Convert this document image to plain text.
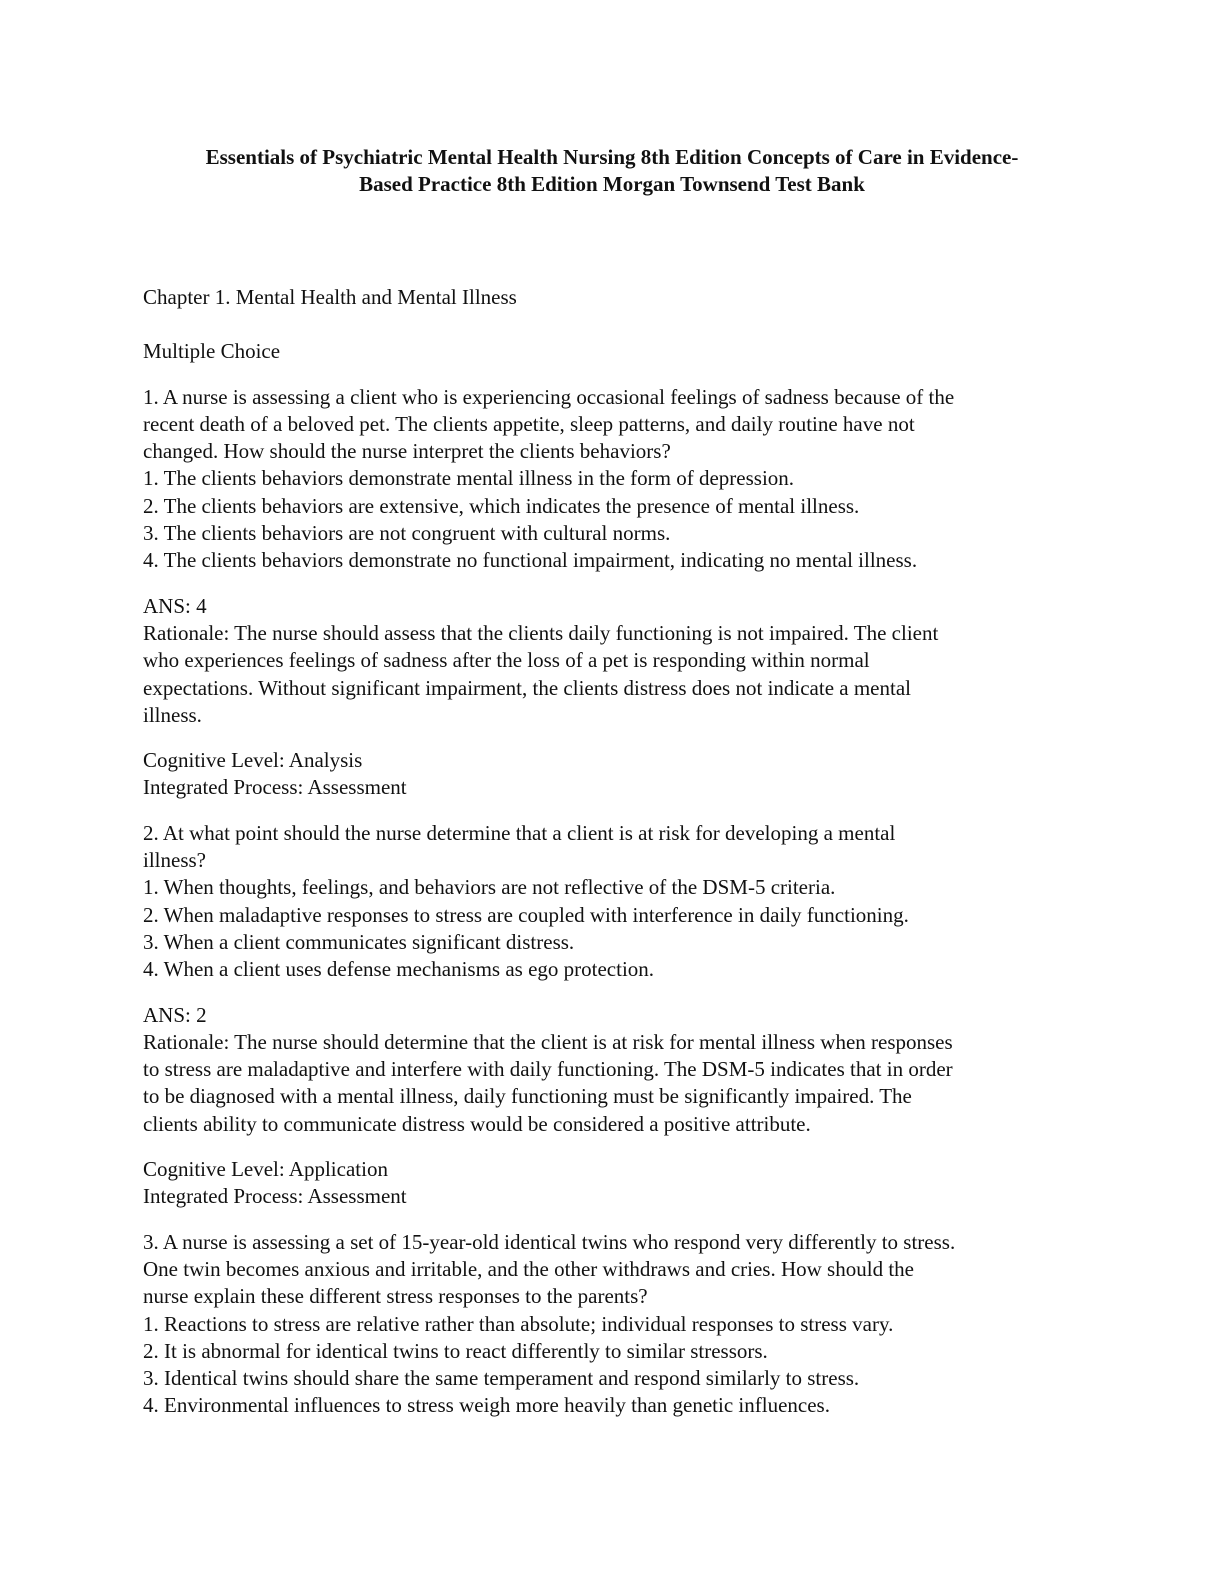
Essentials of Psychiatric Mental Health Nursing 8th Edition Concepts of Care in Evidence-
Based Practice 8th Edition Morgan Townsend Test Bank

Chapter 1. Mental Health and Mental Illness

Multiple Choice

1. A nurse is assessing a client who is experiencing occasional feelings of sadness because of the
recent death of a beloved pet. The clients appetite, sleep patterns, and daily routine have not
changed. How should the nurse interpret the clients behaviors?
1. The clients behaviors demonstrate mental illness in the form of depression.
2. The clients behaviors are extensive, which indicates the presence of mental illness.
3. The clients behaviors are not congruent with cultural norms.
4. The clients behaviors demonstrate no functional impairment, indicating no mental illness.
ANS: 4
Rationale: The nurse should assess that the clients daily functioning is not impaired. The client
who experiences feelings of sadness after the loss of a pet is responding within normal
expectations. Without significant impairment, the clients distress does not indicate a mental
illness.
Cognitive Level: Analysis
Integrated Process: Assessment
2. At what point should the nurse determine that a client is at risk for developing a mental
illness?
1. When thoughts, feelings, and behaviors are not reflective of the DSM-5 criteria.
2. When maladaptive responses to stress are coupled with interference in daily functioning.
3. When a client communicates significant distress.
4. When a client uses defense mechanisms as ego protection.
ANS: 2
Rationale: The nurse should determine that the client is at risk for mental illness when responses
to stress are maladaptive and interfere with daily functioning. The DSM-5 indicates that in order
to be diagnosed with a mental illness, daily functioning must be significantly impaired. The
clients ability to communicate distress would be considered a positive attribute.
Cognitive Level: Application
Integrated Process: Assessment
3. A nurse is assessing a set of 15-year-old identical twins who respond very differently to stress.
One twin becomes anxious and irritable, and the other withdraws and cries. How should the
nurse explain these different stress responses to the parents?
1. Reactions to stress are relative rather than absolute; individual responses to stress vary.
2. It is abnormal for identical twins to react differently to similar stressors.
3. Identical twins should share the same temperament and respond similarly to stress.
4. Environmental influences to stress weigh more heavily than genetic influences.
